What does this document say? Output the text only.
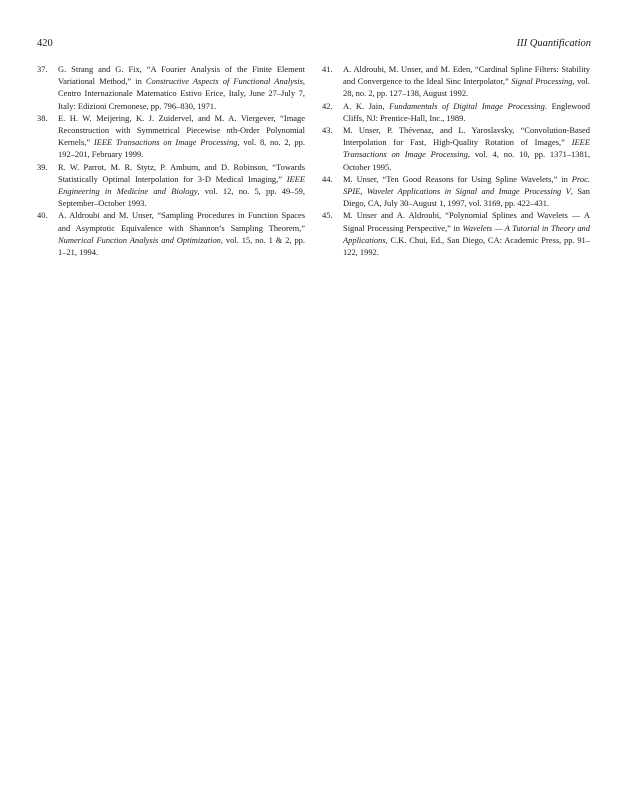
420	III Quantification
37. G. Strang and G. Fix, “A Fourier Analysis of the Finite Element Variational Method,” in Constructive Aspects of Functional Analysis, Centro Internazionale Matematico Estivo Erice, Italy, June 27–July 7, Italy: Edizioni Cremonese, pp. 796–830, 1971.
38. E. H. W. Meijering, K. J. Zuidervel, and M. A. Viergever, “Image Reconstruction with Symmetrical Piecewise nth-Order Polynomial Kernels,” IEEE Transactions on Image Processing, vol. 8, no. 2, pp. 192–201, February 1999.
39. R. W. Parrot, M. R. Stytz, P. Amburn, and D. Robinson, “Towards Statistically Optimal Interpolation for 3-D Medical Imaging,” IEEE Engineering in Medicine and Biology, vol. 12, no. 5, pp. 49–59, September–October 1993.
40. A. Aldroubi and M. Unser, “Sampling Procedures in Function Spaces and Asymptotic Equivalence with Shannon’s Sampling Theorem,” Numerical Function Analysis and Optimization, vol. 15, no. 1 & 2, pp. 1–21, 1994.
41. A. Aldroubi, M. Unser, and M. Eden, “Cardinal Spline Filters: Stability and Convergence to the Ideal Sinc Interpolator,” Signal Processing, vol. 28, no. 2, pp. 127–138, August 1992.
42. A. K. Jain, Fundamentals of Digital Image Processing. Englewood Cliffs, NJ: Prentice-Hall, Inc., 1989.
43. M. Unser, P. Thévenaz, and L. Yaroslavsky, “Convolution-Based Interpolation for Fast, High-Quality Rotation of Images,” IEEE Transactions on Image Processing, vol. 4, no. 10, pp. 1371–1381, October 1995.
44. M. Unser, “Ten Good Reasons for Using Spline Wavelets,” in Proc. SPIE, Wavelet Applications in Signal and Image Processing V, San Diego, CA, July 30–August 1, 1997, vol. 3169, pp. 422–431.
45. M. Unser and A. Aldroubi, “Polynomial Splines and Wavelets — A Signal Processing Perspective,” in Wavelets — A Tutorial in Theory and Applications, C.K. Chui, Ed., San Diego, CA: Academic Press, pp. 91–122, 1992.
